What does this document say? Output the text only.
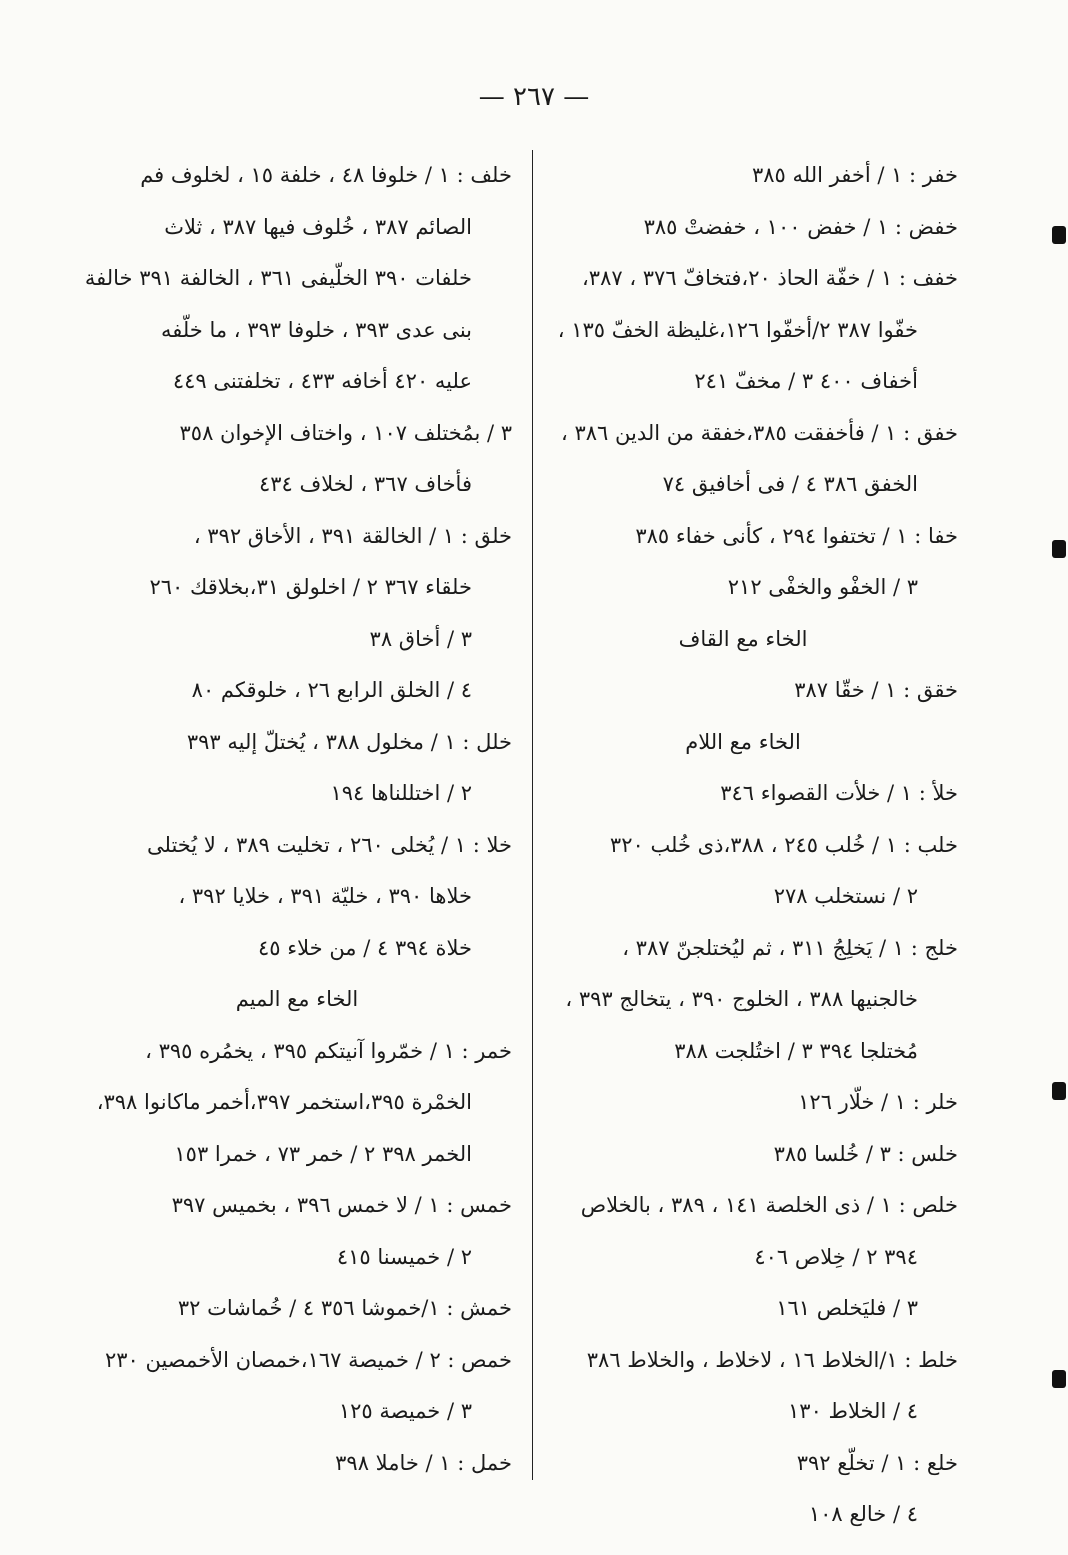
— ٢٦٧ —
خفر : ١ / أخفر الله ٣٨٥
خفض : ١ / خفض ١٠٠ ، خفضتْ ٣٨٥
خفف : ١ / خفّة الحاذ ٢٠،فتخافّ ٣٧٦ ، ٣٨٧،
خفّوا ٣٨٧ ٢/أخفّوا ١٢٦،غليظة الخفّ ١٣٥ ،
أخفاف ٤٠٠ ٣ / مخفّ ٢٤١
خفق : ١ / فأخفقت ٣٨٥،خفقة من الدين ٣٨٦ ،
الخفق ٣٨٦ ٤ / فى أخافيق ٧٤
خفا : ١ / تختفوا ٢٩٤ ، كأنى خفاء ٣٨٥
٣ / الخفْو والخفْى ٢١٢
الخاء مع القاف
خقق : ١ / خقّا ٣٨٧
الخاء مع اللام
خلأ : ١ / خلأت القصواء ٣٤٦
خلب : ١ / خُلب ٢٤٥ ، ٣٨٨،ذى خُلب ٣٢٠
٢ / نستخلب ٢٧٨
خلج : ١ / يَخلِجُ ٣١١ ، ثم ليُختلجنّ ٣٨٧ ،
خالجنيها ٣٨٨ ، الخلوج ٣٩٠ ، يتخالج ٣٩٣ ،
مُختلجا ٣٩٤ ٣ / اختُلجت ٣٨٨
خلر : ١ / خلّار ١٢٦
خلس : ٣ / خُلسا ٣٨٥
خلص : ١ / ذى الخلصة ١٤١ ، ٣٨٩ ، بالخلاص
٣٩٤ ٢ / خِلاص ٤٠٦
٣ / فليَخلص ١٦١
خلط : ١/الخلاط ١٦ ، لاخلاط ، والخلاط ٣٨٦
٤ / الخلاط ١٣٠
خلع : ١ / تخلّع ٣٩٢
٤ / خالع ١٠٨
خلف : ١ / خلوفا ٤٨ ، خلفة ١٥ ، لخلوف فم
الصائم ٣٨٧ ، خُلوف فيها ٣٨٧ ، ثلاث
خلفات ٣٩٠ الخلّيفى ٣٦١ ، الخالفة ٣٩١ خالفة
بنى عدى ٣٩٣ ، خلوفا ٣٩٣ ، ما خلّفه
عليه ٤٢٠ أخافه ٤٣٣ ، تخلفتنى ٤٤٩
٣ / بمُختلف ١٠٧ ، واختاف الإخوان ٣٥٨
فأخاف ٣٦٧ ، لخلاف ٤٣٤
خلق : ١ / الخالقة ٣٩١ ، الأخاق ٣٩٢ ،
خلقاء ٣٦٧ ٢ / اخلولق ٣١،بخلاقك ٢٦٠
٣ / أخاق ٣٨
٤ / الخلق الرابع ٢٦ ، خلوقكم ٨٠
خلل : ١ / مخلول ٣٨٨ ، يُختلّ إليه ٣٩٣
٢ / اختللناها ١٩٤
خلا : ١ / يُخلى ٢٦٠ ، تخليت ٣٨٩ ، لا يُختلى
خلاها ٣٩٠ ، خليّة ٣٩١ ، خلايا ٣٩٢ ،
خلاة ٣٩٤ ٤ / من خلاء ٤٥
الخاء مع الميم
خمر : ١ / خمّروا آنيتكم ٣٩٥ ، يخمُره ٣٩٥ ،
الخمْرة ٣٩٥،استخمر ٣٩٧،أخمر ماكانوا ٣٩٨،
الخمر ٣٩٨ ٢ / خمر ٧٣ ، خمرا ١٥٣
خمس : ١ / لا خمس ٣٩٦ ، بخميس ٣٩٧
٢ / خميسنا ٤١٥
خمش : ١/خموشا ٣٥٦ ٤ / خُماشات ٣٢
خمص : ٢ / خميصة ١٦٧،خمصان الأخمصين ٢٣٠
٣ / خميصة ١٢٥
خمل : ١ / خاملا ٣٩٨
